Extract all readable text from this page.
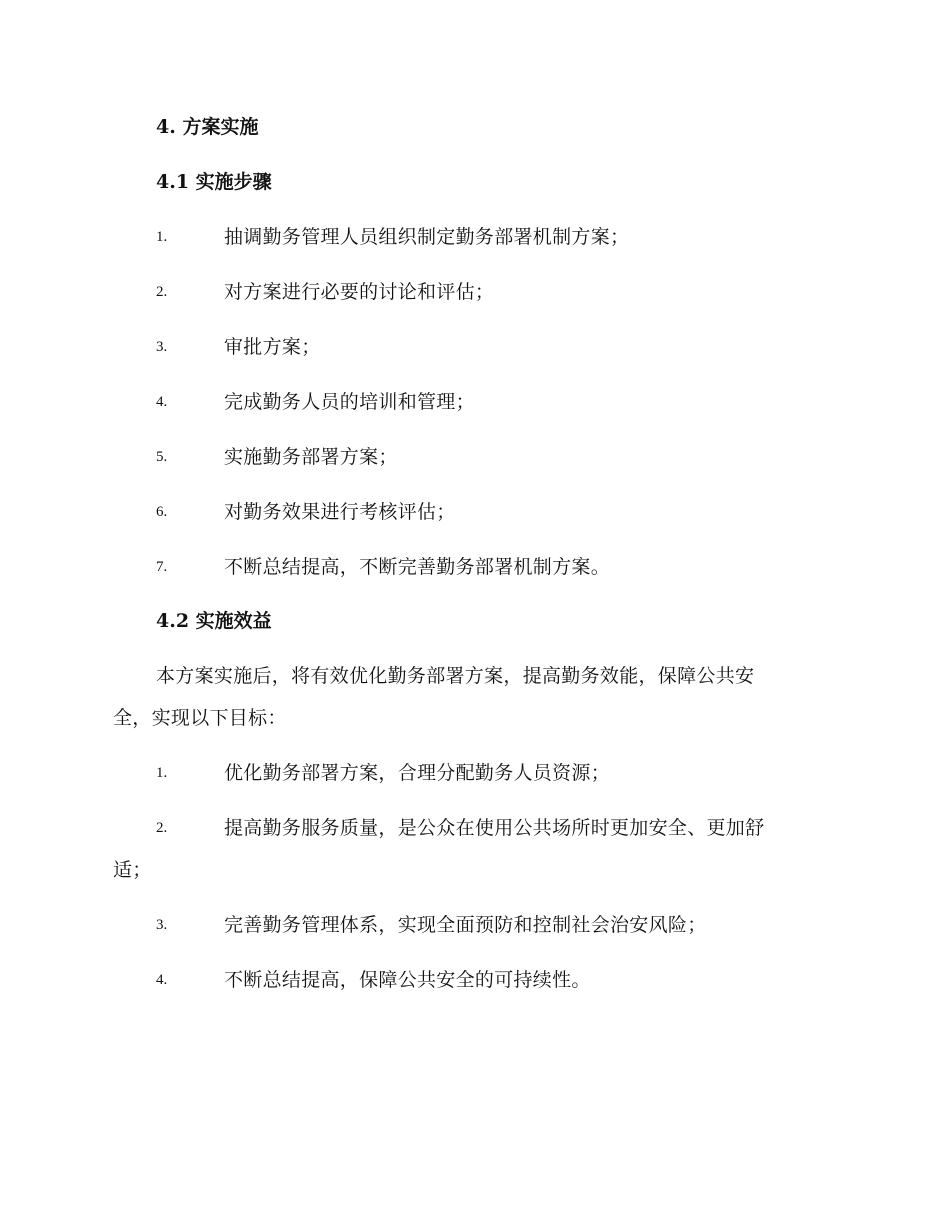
4. 方案实施
4.1 实施步骤
1.	抽调勤务管理人员组织制定勤务部署机制方案；
2.	对方案进行必要的讨论和评估；
3.	审批方案；
4.	完成勤务人员的培训和管理；
5.	实施勤务部署方案；
6.	对勤务效果进行考核评估；
7.	不断总结提高，不断完善勤务部署机制方案。
4.2 实施效益
本方案实施后，将有效优化勤务部署方案，提高勤务效能，保障公共安
全，实现以下目标：
1.	优化勤务部署方案，合理分配勤务人员资源；
2.	提高勤务服务质量，是公众在使用公共场所时更加安全、更加舒
适；
3.	完善勤务管理体系，实现全面预防和控制社会治安风险；
4.	不断总结提高，保障公共安全的可持续性。
